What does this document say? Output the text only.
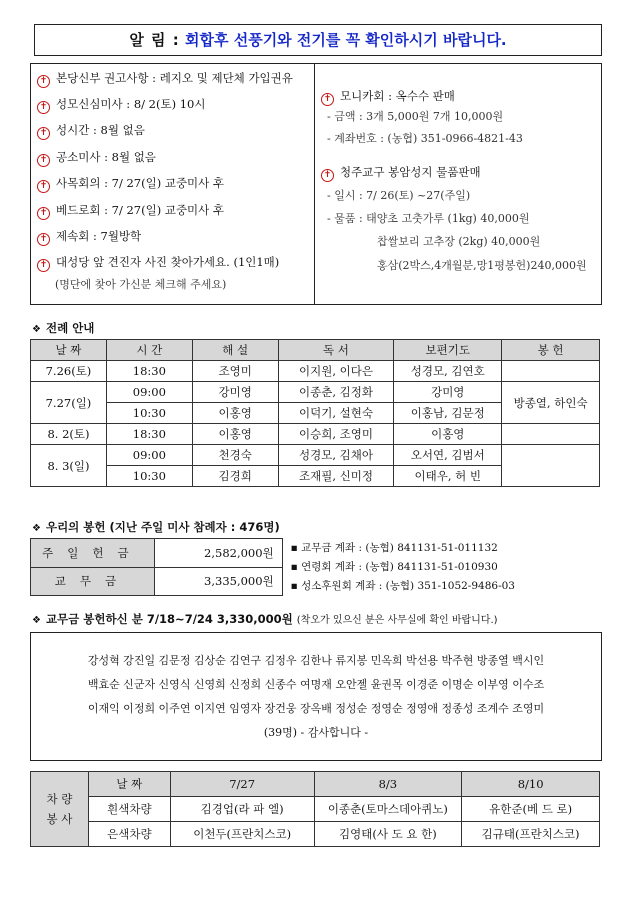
알 림 : 회합후 선풍기와 전기를 꼭 확인하시기 바랍니다.
✝ 본당신부 권고사항 : 레지오 및 제단체 가입권유
✝ 성모신심미사 : 8/ 2(토) 10시
✝ 성시간 : 8월 없음
✝ 공소미사 : 8월 없음
✝ 사목회의 : 7/ 27(일) 교중미사 후
✝ 베드로회 : 7/ 27(일) 교중미사 후
✝ 제속회 : 7월방학
✝ 대성당 앞 견진자 사진 찾아가세요. (1인1매)
(명단에 찾아 가신분 체크해 주세요)
✝ 모니카회 : 옥수수 판매
- 금액 : 3개 5,000원 7개 10,000원
- 계좌번호 : (농협) 351-0966-4821-43
✝ 청주교구 봉암성지 물품판매
- 일시 : 7/ 26(토) ~27(주일)
- 물품 : 태양초 고춧가루 (1kg) 40,000원
찹쌀보리 고추장 (2kg) 40,000원
홍삼(2박스,4개월분,망1평봉헌)240,000원
❖ 전례 안내
날 짜	시 간	해 설	독 서	보편기도	봉 헌
7.26(토)	18:30	조영미	이지원, 이다은	성경모, 김연호	
7.27(일)	09:00	강미영	이종춘, 김정화	강미영	방종열, 하인숙
	10:30	이홍영	이덕기, 설현숙	이홍남, 김문정	
8. 2(토)	18:30	이홍영	이승희, 조영미	이홍영	
8. 3(일)	09:00	천경숙	성경모, 김채아	오서연, 김범서	
	10:30	김경희	조재필, 신미정	이태우, 허 빈	
❖ 우리의 봉헌 (지난 주일 미사 참례자 : 476명)
주일헌금	2,582,000원	▪ 교무금 계좌 : (농협) 841131-51-011132
▪ 연령회 계좌 : (농협) 841131-51-010930
▪ 성소후원회 계좌 : (농협) 351-1052-9486-03

교무금	3,335,000원	
❖ 교무금 봉헌하신 분 7/18~7/24 3,330,000원 (착오가 있으신 분은 사무실에 확인 바랍니다.)

강성혁 강진일 김문정 김상순 김연구 김정우 김한나 류지봉 민옥희 박선용 박주현 방종열 백시인
백효순 신군자 신영식 신영희 신정희 신종수 여명재 오안젤 윤권목 이경준 이명순 이부영 이수조
이재익 이정희 이주연 이지연 임영자 장건웅 장옥배 정성순 정영순 정영애 정종성 조계수 조영미
(39명) - 감사합니다 -

차 량 봉 사	날 짜	7/27	8/3	8/10
	흰색차량	김경업(라 파 엘)	이종춘(토마스데아퀴노)	유한준(베 드 로)
	은색차량	이천두(프란치스코)	김영태(사 도 요 한)	김규태(프란치스코)
